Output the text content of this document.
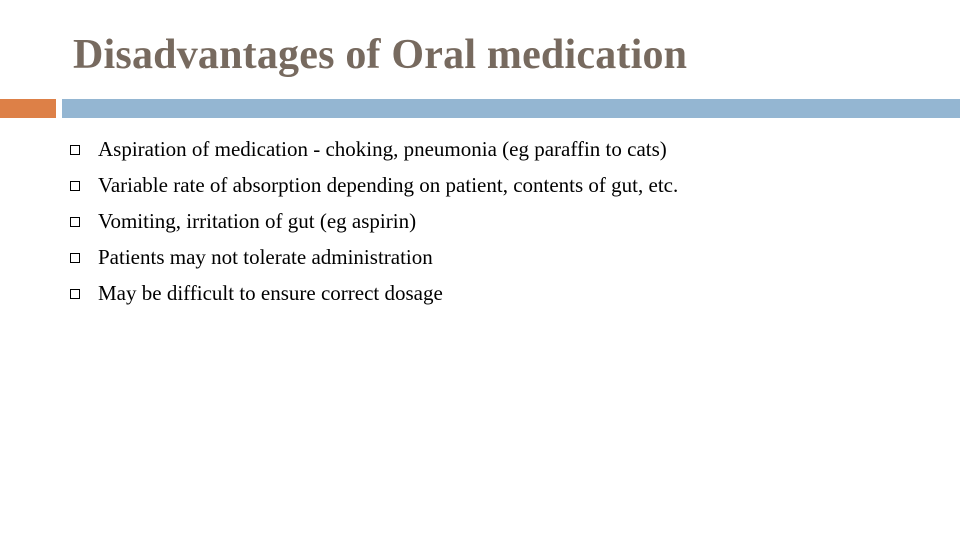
Disadvantages of Oral medication
Aspiration of medication - choking, pneumonia (eg paraffin to cats)
Variable rate of absorption depending on patient, contents of gut, etc.
Vomiting, irritation of gut (eg aspirin)
Patients may not tolerate administration
May be difficult to ensure correct dosage
